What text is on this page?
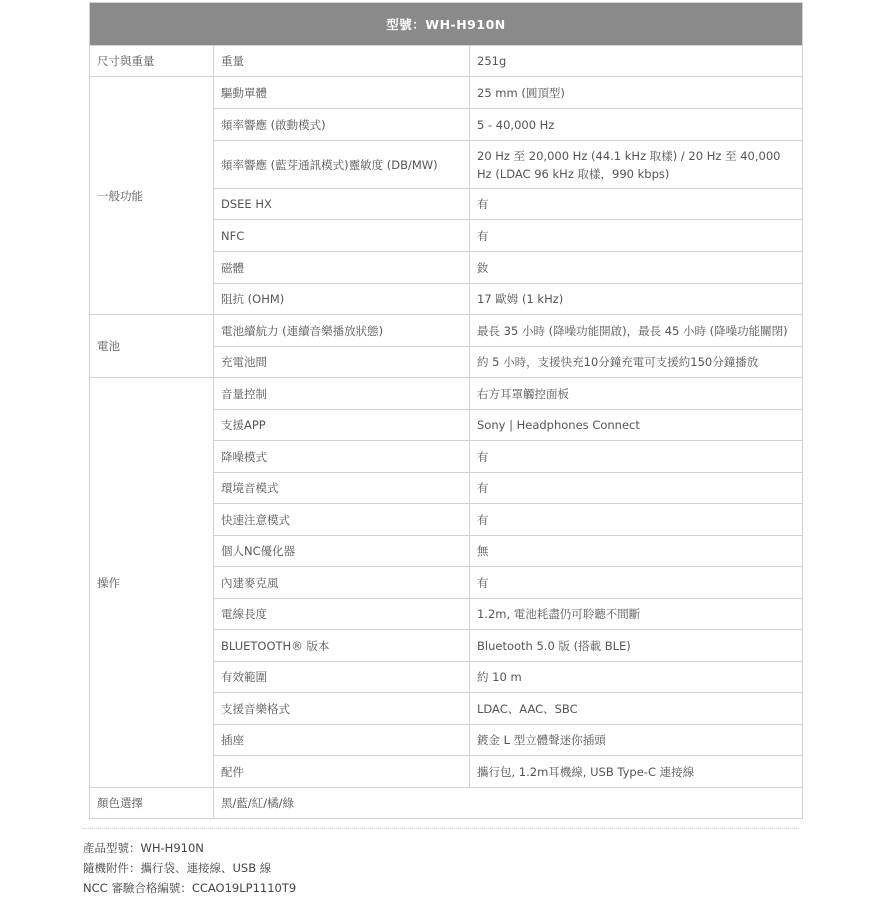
型號：WH-H910N		
尺寸與重量	重量	251g
一般功能	驅動單體	25 mm (圓頂型)
	頻率響應 (啟動模式)	5 - 40,000 Hz
	頻率響應 (藍芽通訊模式)靈敏度 (DB/MW)	20 Hz 至 20,000 Hz (44.1 kHz 取樣) / 20 Hz 至 40,000 Hz (LDAC 96 kHz 取樣，990 kbps)
	DSEE HX	有
	NFC	有
	磁體	釹
	阻抗 (OHM)	17 歐姆 (1 kHz)
電池	電池續航力 (連續音樂播放狀態)	最長 35 小時 (降噪功能開啟)，最長 45 小時 (降噪功能關閉)
	充電池間	約 5 小時，支援快充10分鐘充電可支援約150分鐘播放
操作	音量控制	右方耳罩觸控面板
	支援APP	Sony | Headphones Connect
	降噪模式	有
	環境音模式	有
	快速注意模式	有
	個人NC優化器	無
	內建麥克風	有
	電線長度	1.2m, 電池耗盡仍可聆聽不間斷
	BLUETOOTH® 版本	Bluetooth 5.0 版 (搭載 BLE)
	有效範圍	約 10 m
	支援音樂格式	LDAC、AAC、SBC
	插座	鍍金 L 型立體聲迷你插頭
	配件	攜行包, 1.2m耳機線, USB Type-C 連接線
顏色選擇	黑/藍/紅/橘/綠	
產品型號：WH-H910N
隨機附件：攜行袋、連接線、USB 線
NCC 審驗合格編號：CCAO19LP1110T9
